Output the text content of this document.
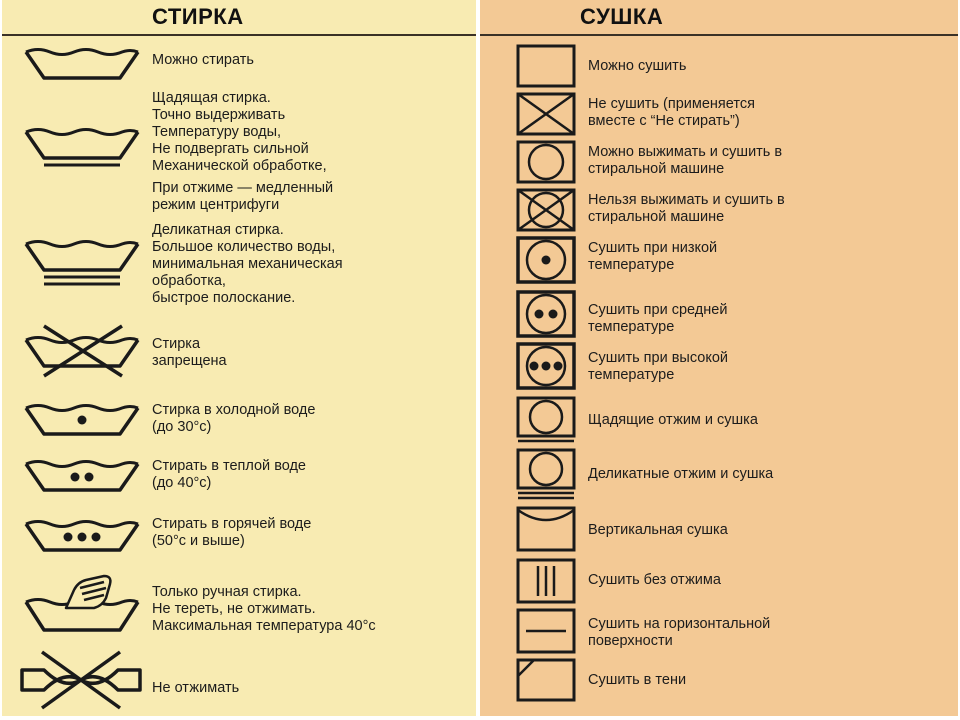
СТИРКА
Можно стирать
Щадящая стирка.
Точно выдерживать
Температуру воды,
Не подвергать сильной
Механической обработке,
При отжиме — медленный
режим центрифуги
Деликатная стирка.
Большое количество воды,
минимальная механическая
обработка,
быстрое полоскание.
Стирка
запрещена
Стирка в холодной воде
(до 30°с)
Стирать в теплой воде
(до 40°с)
Стирать в горячей воде
(50°с и выше)
Только ручная стирка.
Не тереть, не отжимать.
Максимальная температура 40°с
Не отжимать
СУШКА
Можно сушить
Не сушить (применяется
вместе с “Не стирать”)
Можно выжимать и сушить в
стиральной машине
Нельзя выжимать и сушить в
стиральной машине
Сушить при низкой
температуре
Сушить при средней
температуре
Сушить при высокой
температуре
Щадящие отжим и сушка
Деликатные отжим и сушка
Вертикальная сушка
Сушить без отжима
Сушить на горизонтальной
поверхности
Сушить в тени
